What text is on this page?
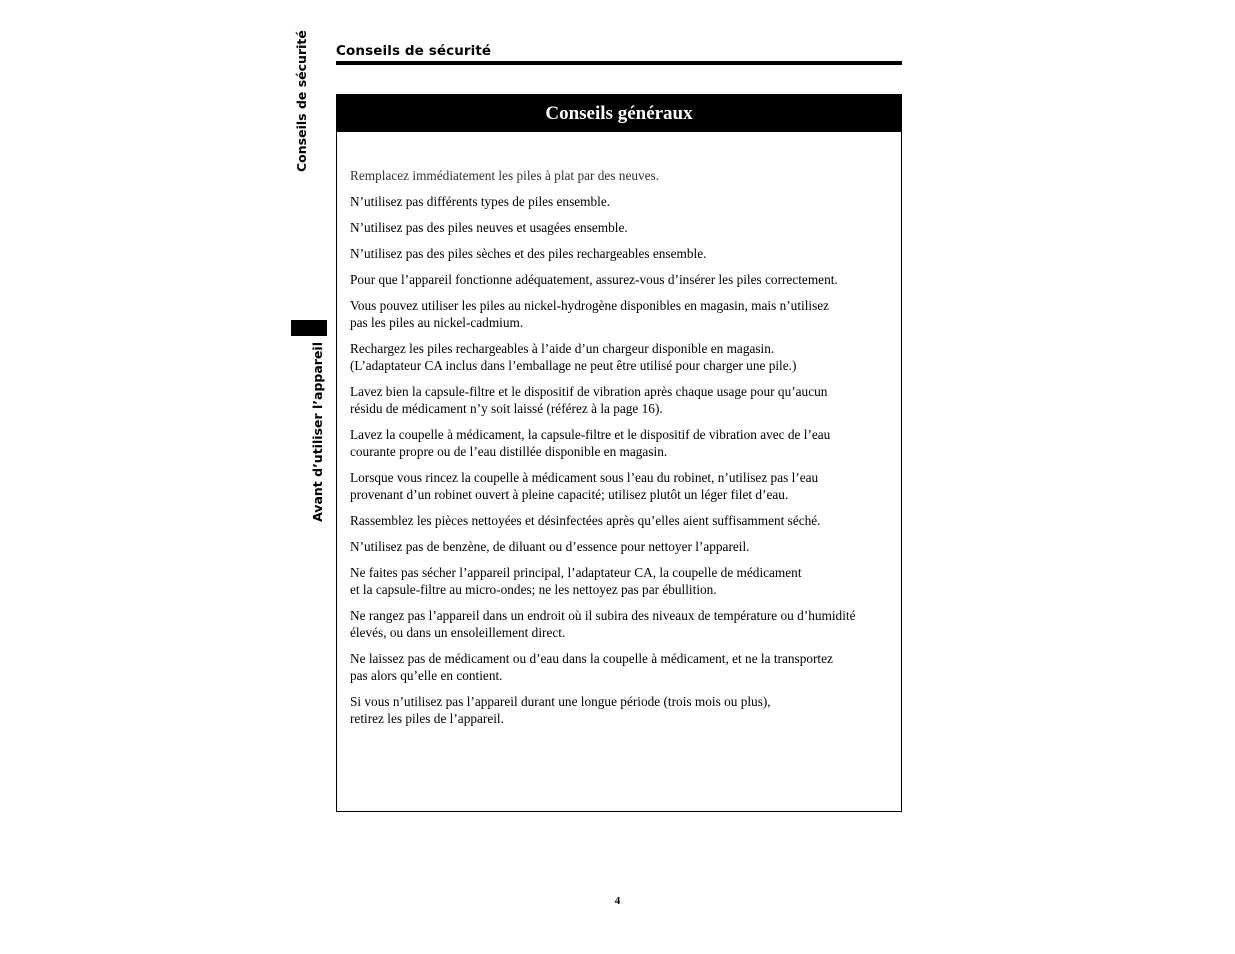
Conseils de sécurité
Conseils de sécurité
Avant d’utiliser l’appareil
Conseils généraux
Remplacez immédiatement les piles à plat par des neuves.
N’utilisez pas différents types de piles ensemble.
N’utilisez pas des piles neuves et usagées ensemble.
N’utilisez pas des piles sèches et des piles rechargeables ensemble.
Pour que l’appareil fonctionne adéquatement, assurez-vous d’insérer les piles correctement.
Vous pouvez utiliser les piles au nickel-hydrogène disponibles en magasin, mais n’utilisez
pas les piles au nickel-cadmium.
Rechargez les piles rechargeables à l’aide d’un chargeur disponible en magasin.
(L’adaptateur CA inclus dans l’emballage ne peut être utilisé pour charger une pile.)
Lavez bien la capsule-filtre et le dispositif de vibration après chaque usage pour qu’aucun
résidu de médicament n’y soit laissé (référez à la page 16).
Lavez la coupelle à médicament, la capsule-filtre et le dispositif de vibration avec de l’eau
courante propre ou de l’eau distillée disponible en magasin.
Lorsque vous rincez la coupelle à médicament sous l’eau du robinet, n’utilisez pas l’eau
provenant d’un robinet ouvert à pleine capacité; utilisez plutôt un léger filet d’eau.
Rassemblez les pièces nettoyées et désinfectées après qu’elles aient suffisamment séché.
N’utilisez pas de benzène, de diluant ou d’essence pour nettoyer l’appareil.
Ne faites pas sécher l’appareil principal, l’adaptateur CA, la coupelle de médicament
et la capsule-filtre au micro-ondes; ne les nettoyez pas par ébullition.
Ne rangez pas l’appareil dans un endroit où il subira des niveaux de température ou d’humidité
élevés, ou dans un ensoleillement direct.
Ne laissez pas de médicament ou d’eau dans la coupelle à médicament, et ne la transportez
pas alors qu’elle en contient.
Si vous n’utilisez pas l’appareil durant une longue période (trois mois ou plus),
retirez les piles de l’appareil.
4
